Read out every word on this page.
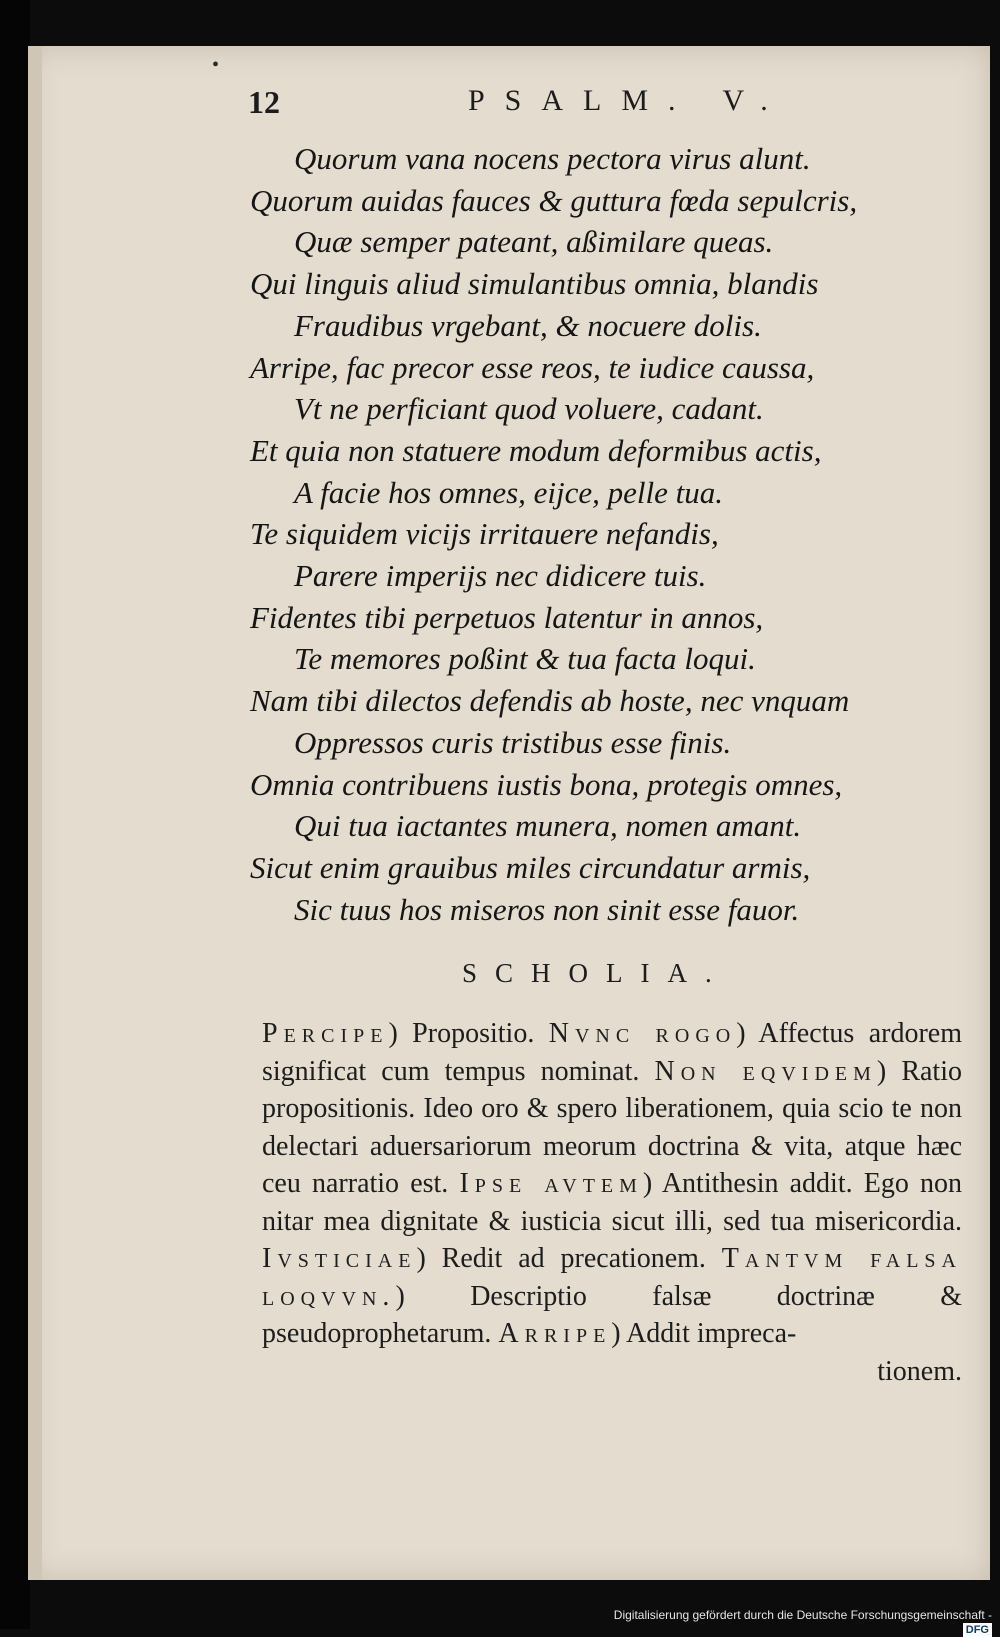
•
12	PSALM. V.
Quorum vana nocens pectora virus alunt.
Quorum auidas fauces & guttura fœda sepulcris,
Quæ semper pateant, aßimilare queas.
Qui linguis aliud simulantibus omnia, blandis
Fraudibus vrgebant, & nocuere dolis.
Arripe, fac precor esse reos, te iudice caussa,
Vt ne perficiant quod voluere, cadant.
Et quia non statuere modum deformibus actis,
A facie hos omnes, eijce, pelle tua.
Te siquidem vicijs irritauere nefandis,
Parere imperijs nec didicere tuis.
Fidentes tibi perpetuos latentur in annos,
Te memores poßint & tua facta loqui.
Nam tibi dilectos defendis ab hoste, nec vnquam
Oppressos curis tristibus esse finis.
Omnia contribuens iustis bona, protegis omnes,
Qui tua iactantes munera, nomen amant.
Sicut enim grauibus miles circundatur armis,
Sic tuus hos miseros non sinit esse fauor.
SCHOLIA.
Percipe) Propositio. Nvnc rogo) Affectus ardorem significat cum tempus nominat. Non eqvidem) Ratio propositionis. Ideo oro & spero liberationem, quia scio te non delectari aduersariorum meorum doctrina & vita, atque hæc ceu narratio est. Ipse avtem) Antithesin addit. Ego non nitar mea dignitate & iusticia sicut illi, sed tua misericordia. Ivsticiae) Redit ad precationem. Tantvm falsa loqvvn.) Descriptio falsæ doctrinæ & pseudoprophetarum. Arripe) Addit impreca-
tionem.
Digitalisierung gefördert durch die Deutsche Forschungsgemeinschaft -DFG
